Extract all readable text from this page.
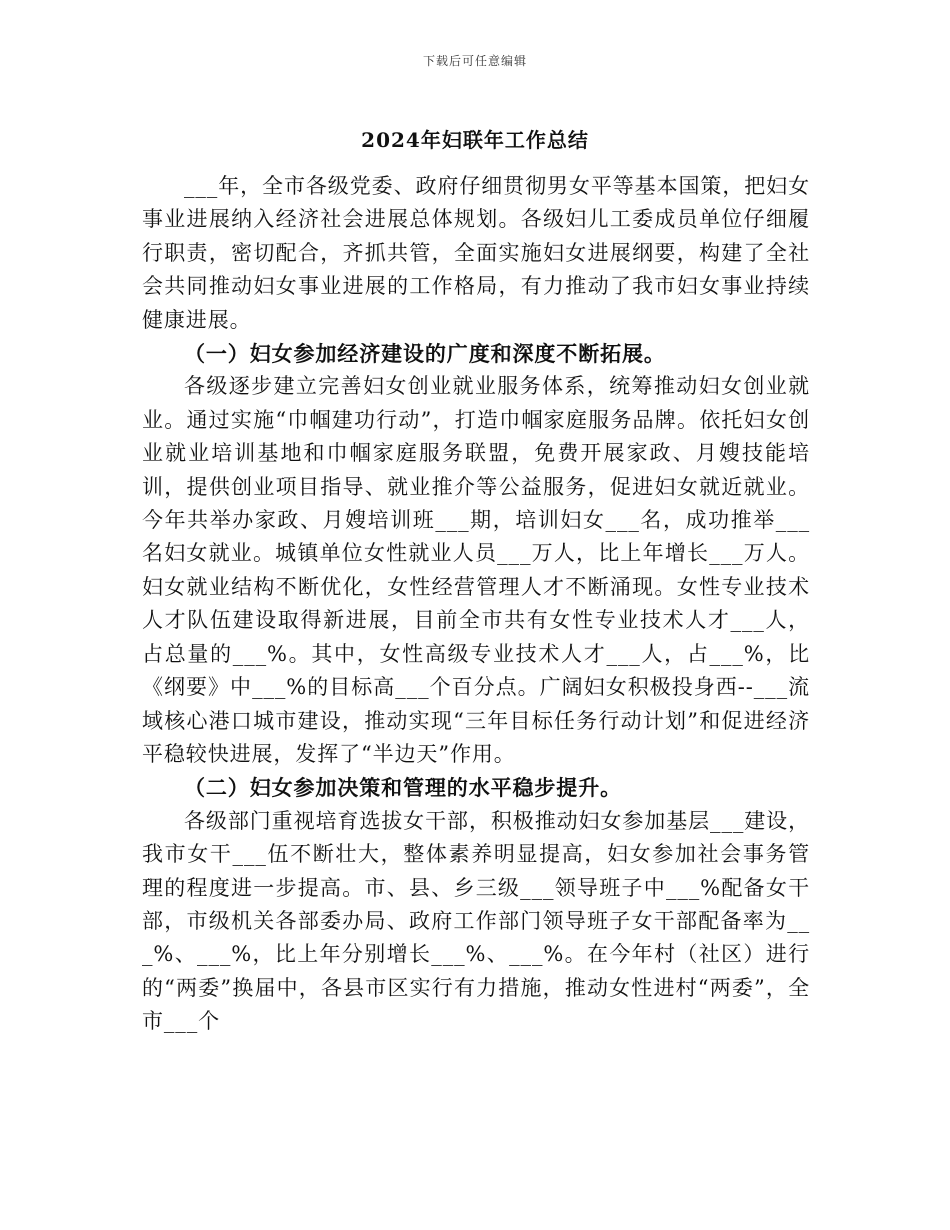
下载后可任意编辑
2024年妇联年工作总结

___年，全市各级党委、政府仔细贯彻男女平等基本国策，把妇女事业进展纳入经济社会进展总体规划。各级妇儿工委成员单位仔细履行职责，密切配合，齐抓共管，全面实施妇女进展纲要，构建了全社会共同推动妇女事业进展的工作格局，有力推动了我市妇女事业持续健康进展。

（一）妇女参加经济建设的广度和深度不断拓展。

各级逐步建立完善妇女创业就业服务体系，统筹推动妇女创业就业。通过实施“巾帼建功行动”，打造巾帼家庭服务品牌。依托妇女创业就业培训基地和巾帼家庭服务联盟，免费开展家政、月嫂技能培训，提供创业项目指导、就业推介等公益服务，促进妇女就近就业。今年共举办家政、月嫂培训班___期，培训妇女___名，成功推举___名妇女就业。城镇单位女性就业人员___万人，比上年增长___万人。妇女就业结构不断优化，女性经营管理人才不断涌现。女性专业技术人才队伍建设取得新进展，目前全市共有女性专业技术人才___人，占总量的___%。其中，女性高级专业技术人才___人，占___%，比《纲要》中___%的目标高___个百分点。广阔妇女积极投身西--___流域核心港口城市建设，推动实现“三年目标任务行动计划”和促进经济平稳较快进展，发挥了“半边天”作用。

（二）妇女参加决策和管理的水平稳步提升。

各级部门重视培育选拔女干部，积极推动妇女参加基层___建设，我市女干___伍不断壮大，整体素养明显提高，妇女参加社会事务管理的程度进一步提高。市、县、乡三级___领导班子中___%配备女干部，市级机关各部委办局、政府工作部门领导班子女干部配备率为___%、___%，比上年分别增长___%、___%。在今年村（社区）进行的“两委”换届中，各县市区实行有力措施，推动女性进村“两委”，全市___个
